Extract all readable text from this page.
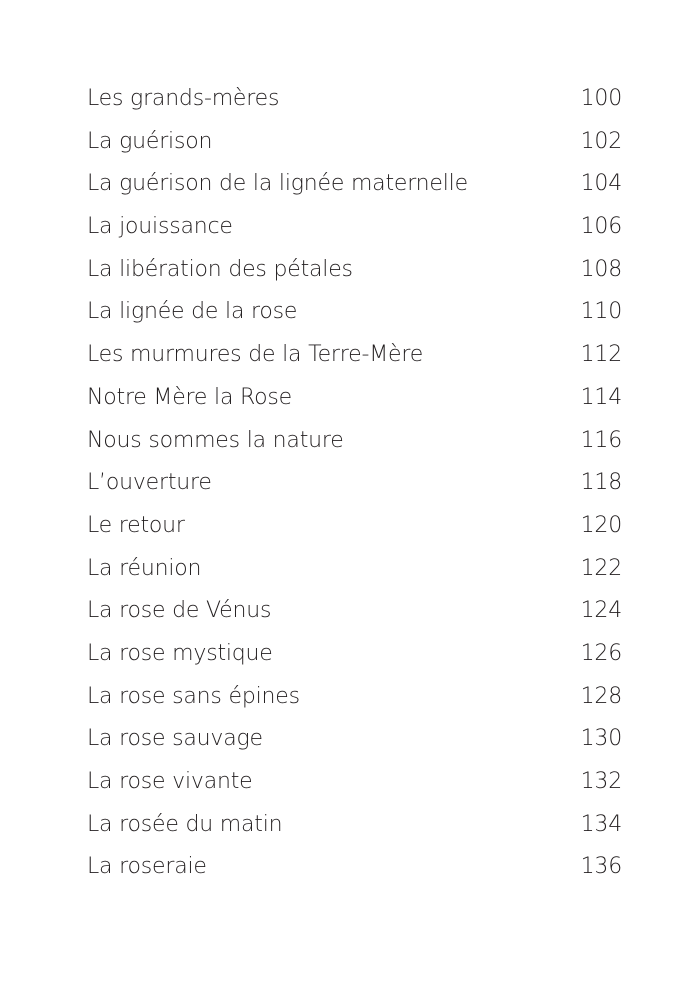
Les grands-mères	100
La guérison	102
La guérison de la lignée maternelle	104
La jouissance	106
La libération des pétales	108
La lignée de la rose	110
Les murmures de la Terre-Mère	112
Notre Mère la Rose	114
Nous sommes la nature	116
L’ouverture	118
Le retour	120
La réunion	122
La rose de Vénus	124
La rose mystique	126
La rose sans épines	128
La rose sauvage	130
La rose vivante	132
La rosée du matin	134
La roseraie	136
